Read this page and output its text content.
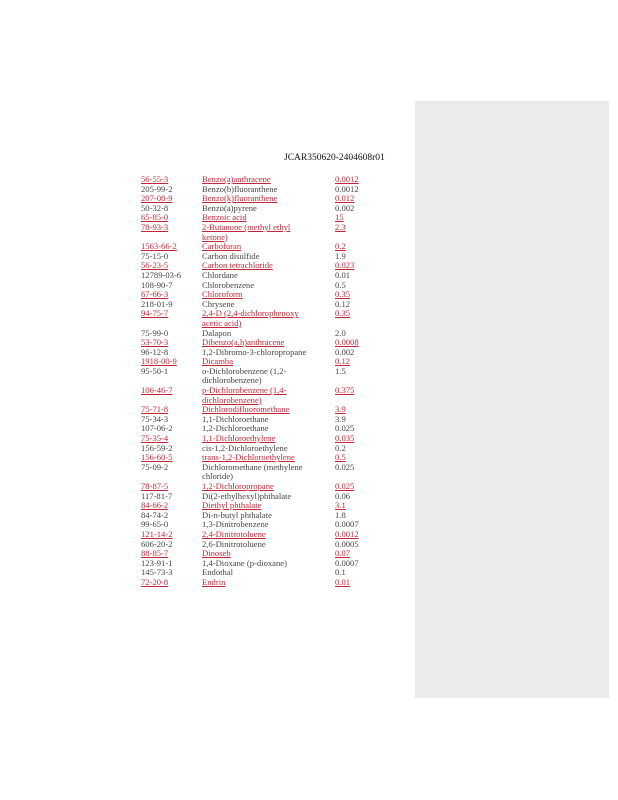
JCAR350620-2404608r01
56-55-3	Benzo(a)anthracene	0.0012
205-99-2	Benzo(b)fluoranthene	0.0012
207-08-9	Benzo(k)fluoranthene	0.012
50-32-8	Benzo(a)pyrene	0.002
65-85-0	Benzoic acid	15
78-93-3	2-Butanone (methyl ethyl ketone)
2.3
1563-66-2	Carbofuran	0.2
75-15-0	Carbon disulfide	1.9
56-23-5	Carbon tetrachloride	0.023
12789-03-6	Chlordane	0.01
108-90-7	Chlorobenzene	0.5
67-66-3	Chloroform	0.35
218-01-9	Chrysene	0.12
94-75-7	2,4-D (2,4-dichlorophenoxy acetic acid)
0.35
75-99-0	Dalapon	2.0
53-70-3	Dibenzo(a,h)anthracene	0.0008
96-12-8	1,2-Dibromo-3-chloropropane	0.002
1918-00-9	Dicamba	0.12
95-50-1	o-Dichlorobenzene (1,2-dichlorobenzene)
1.5
106-46-7	p-Dichlorobenzene (1,4-dichlorobenzene)
0.375
75-71-8	Dichlorodifluoromethane	3.9
75-34-3	1,1-Dichloroethane	3.9
107-06-2	1,2-Dichloroethane	0.025
75-35-4	1,1-Dichloroethylene	0.035
156-59-2	cis-1,2-Dichloroethylene	0.2
156-60-5	trans-1,2-Dichloroethylene	0.5
75-09-2	Dichloromethane (methylene chloride)
0.025
78-87-5	1,2-Dichloropropane	0.025
117-81-7	Di(2-ethylhexyl)phthalate	0.06
84-66-2	Diethyl phthalate	3.1
84-74-2	Di-n-butyl phthalate	1.8
99-65-0	1,3-Dinitrobenzene	0.0007
121-14-2	2,4-Dinitrotoluene	0.0012
606-20-2	2,6-Dinitrotoluene	0.0005
88-85-7	Dinoseb	0.07
123-91-1	1,4-Dioxane (p-dioxane)	0.0007
145-73-3	Endothal	0.1
72-20-8	Endrin	0.01
